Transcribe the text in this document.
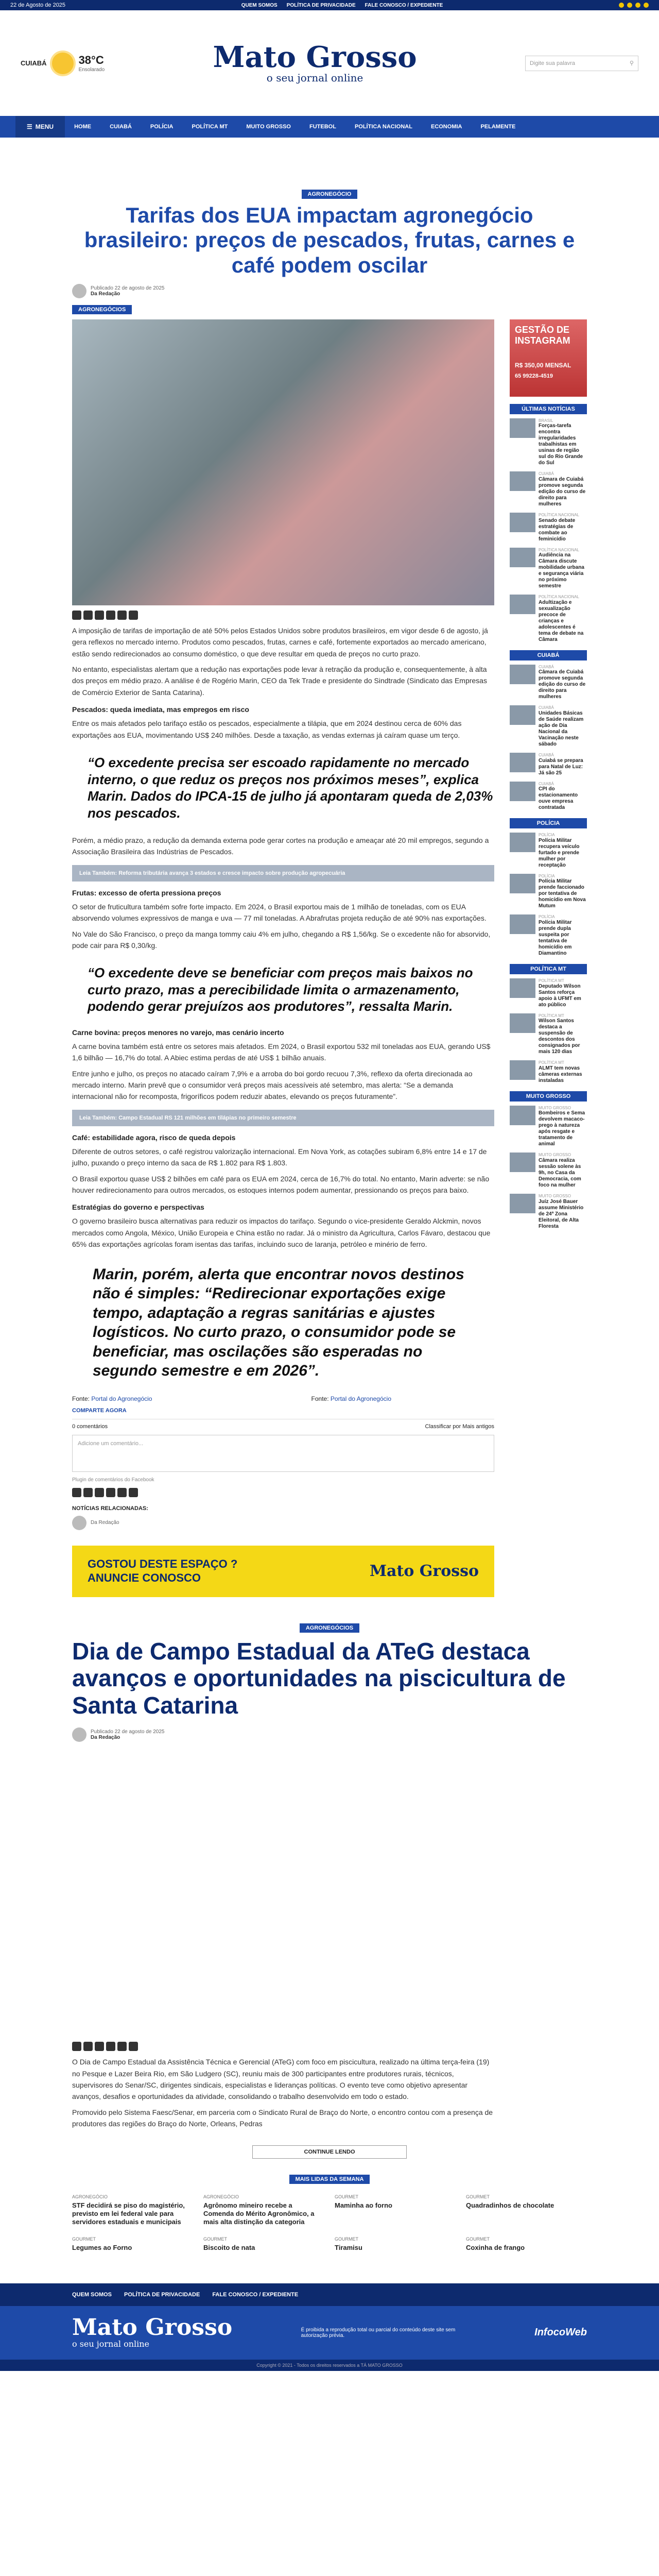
22 de Agosto de 2025	QUEM SOMOS POLÍTICA DE PRIVACIDADE FALE CONOSCO / EXPEDIENTE
CUIABÁ	38°C
Ensolarado	Mato Grosso
o seu jornal online
Digite sua palavra	⚲
☰ MENU	HOME	CUIABÁ	POLÍCIA	POLÍTICA MT	MUITO GROSSO	FUTEBOL	POLÍTICA NACIONAL	ECONOMIA	PELAMENTE
AGRONEGÓCIO
Tarifas dos EUA impactam agronegócio brasileiro: preços de pescados, frutas, carnes e café podem oscilar
Publicado 22 de agosto de 2025
Da Redação
AGRONEGÓCIOS

A imposição de tarifas de importação de até 50% pelos Estados Unidos sobre produtos brasileiros, em vigor desde 6 de agosto, já gera reflexos no mercado interno. Produtos como pescados, frutas, carnes e café, fortemente exportados ao mercado americano, estão sendo redirecionados ao consumo doméstico, o que deve resultar em queda de preços no curto prazo.

No entanto, especialistas alertam que a redução nas exportações pode levar à retração da produção e, consequentemente, à alta dos preços em médio prazo. A análise é de Rogério Marin, CEO da Tek Trade e presidente do Sindtrade (Sindicato das Empresas de Comércio Exterior de Santa Catarina).

Pescados: queda imediata, mas empregos em risco

Entre os mais afetados pelo tarifaço estão os pescados, especialmente a tilápia, que em 2024 destinou cerca de 60% das exportações aos EUA, movimentando US$ 240 milhões. Desde a taxação, as vendas externas já caíram quase um terço.

“O excedente precisa ser escoado rapidamente no mercado interno, o que reduz os preços nos próximos meses”, explica Marin. Dados do IPCA-15 de julho já apontaram queda de 2,03% nos pescados.

Porém, a médio prazo, a redução da demanda externa pode gerar cortes na produção e ameaçar até 20 mil empregos, segundo a Associação Brasileira das Indústrias de Pescados.

Leia Também: Reforma tributária avança 3 estados e cresce impacto sobre produção agropecuária
Frutas: excesso de oferta pressiona preços

O setor de fruticultura também sofre forte impacto. Em 2024, o Brasil exportou mais de 1 milhão de toneladas, com os EUA absorvendo volumes expressivos de manga e uva — 77 mil toneladas. A Abrafrutas projeta redução de até 90% nas exportações.

No Vale do São Francisco, o preço da manga tommy caiu 4% em julho, chegando a R$ 1,56/kg. Se o excedente não for absorvido, pode cair para R$ 0,30/kg.

“O excedente deve se beneficiar com preços mais baixos no curto prazo, mas a perecibilidade limita o armazenamento, podendo gerar prejuízos aos produtores”, ressalta Marin.
Carne bovina: preços menores no varejo, mas cenário incerto

A carne bovina também está entre os setores mais afetados. Em 2024, o Brasil exportou 532 mil toneladas aos EUA, gerando US$ 1,6 bilhão — 16,7% do total. A Abiec estima perdas de até US$ 1 bilhão anuais.

Entre junho e julho, os preços no atacado caíram 7,9% e a arroba do boi gordo recuou 7,3%, reflexo da oferta direcionada ao mercado interno. Marin prevê que o consumidor verá preços mais acessíveis até setembro, mas alerta: “Se a demanda internacional não for recomposta, frigoríficos podem reduzir abates, elevando os preços futuramente”.

Leia Também: Campo Estadual RS 121 milhões em tilápias no primeiro semestre
Café: estabilidade agora, risco de queda depois

Diferente de outros setores, o café registrou valorização internacional. Em Nova York, as cotações subiram 6,8% entre 14 e 17 de julho, puxando o preço interno da saca de R$ 1.802 para R$ 1.803.

O Brasil exportou quase US$ 2 bilhões em café para os EUA em 2024, cerca de 16,7% do total. No entanto, Marin adverte: se não houver redirecionamento para outros mercados, os estoques internos podem aumentar, pressionando os preços para baixo.

Estratégias do governo e perspectivas

O governo brasileiro busca alternativas para reduzir os impactos do tarifaço. Segundo o vice-presidente Geraldo Alckmin, novos mercados como Angola, México, União Europeia e China estão no radar. Já o ministro da Agricultura, Carlos Fávaro, destacou que 65% das exportações agrícolas foram isentas das tarifas, incluindo suco de laranja, petróleo e minério de ferro.

Marin, porém, alerta que encontrar novos destinos não é simples: “Redirecionar exportações exige tempo, adaptação a regras sanitárias e ajustes logísticos. No curto prazo, o consumidor pode se beneficiar, mas oscilações são esperadas no segundo semestre e em 2026”.
Fonte: Portal do Agronegócio	Fonte: Portal do Agronegócio
COMPARTE AGORA
0 comentários	Classificar por Mais antigos
Adicione um comentário...
Plugin de comentários do Facebook
NOTÍCIAS RELACIONADAS:
Da Redação
GOSTOU DESTE ESPAÇO ?
ANUNCIE CONOSCO	Mato Grosso
GESTÃO DE INSTAGRAM
R$ 350,00 MENSAL
65 99228-4519
ÚLTIMAS NOTÍCIAS
BRASIL
Forças-tarefa encontra irregularidades trabalhistas em usinas de região sul do Rio Grande do Sul
CUIABÁ
Câmara de Cuiabá promove segunda edição do curso de direito para mulheres
POLÍTICA NACIONAL
Senado debate estratégias de combate ao feminicídio
POLÍTICA NACIONAL
Audiência na Câmara discute mobilidade urbana e segurança viária no próximo semestre
POLÍTICA NACIONAL
Adultização e sexualização precoce de crianças e adolescentes é tema de debate na Câmara
CUIABÁ
CUIABÁ
Câmara de Cuiabá promove segunda edição do curso de direito para mulheres
CUIABÁ
Unidades Básicas de Saúde realizam ação de Dia Nacional da Vacinação neste sábado
CUIABÁ
Cuiabá se prepara para Natal de Luz: Já são 25
CUIABÁ
CPI do estacionamento ouve empresa contratada
POLÍCIA
POLÍCIA
Polícia Militar recupera veículo furtado e prende mulher por receptação
POLÍCIA
Polícia Militar prende faccionado por tentativa de homicídio em Nova Mutum
POLÍCIA
Polícia Militar prende dupla suspeita por tentativa de homicídio em Diamantino
POLÍTICA MT
POLÍTICA MT
Deputado Wilson Santos reforça apoio à UFMT em ato público
POLÍTICA MT
Wilson Santos destaca a suspensão de descontos dos consignados por mais 120 dias
POLÍTICA MT
ALMT tem novas câmeras externas instaladas
MUITO GROSSO
MUITO GROSSO
Bombeiros e Sema devolvem macaco-prego à natureza após resgate e tratamento de animal
MUITO GROSSO
Câmara realiza sessão solene às 9h, no Casa da Democracia, com foco na mulher
MUITO GROSSO
Juíz José Bauer assume Ministério de 24ª Zona Eleitoral, de Alta Floresta
AGRONEGÓCIOS
Dia de Campo Estadual da ATeG destaca avanços e oportunidades na piscicultura de Santa Catarina
Publicado 22 de agosto de 2025
Da Redação

O Dia de Campo Estadual da Assistência Técnica e Gerencial (ATeG) com foco em piscicultura, realizado na última terça-feira (19) no Pesque e Lazer Beira Rio, em São Ludgero (SC), reuniu mais de 300 participantes entre produtores rurais, técnicos, supervisores do Senar/SC, dirigentes sindicais, especialistas e lideranças políticas. O evento teve como objetivo apresentar avanços, desafios e oportunidades da atividade, consolidando o trabalho desenvolvido em todo o estado.

Promovido pelo Sistema Faesc/Senar, em parceria com o Sindicato Rural de Braço do Norte, o encontro contou com a presença de produtores das regiões do Braço do Norte, Orleans, Pedras

CONTINUE LENDO
MAIS LIDAS DA SEMANA
AGRONEGÓCIO
STF decidirá se piso do magistério, previsto em lei federal vale para servidores estaduais e municipais
AGRONEGÓCIO
Agrônomo mineiro recebe a Comenda do Mérito Agronômico, a mais alta distinção da categoria
GOURMET
Maminha ao forno
GOURMET
Quadradinhos de chocolate
GOURMET
Legumes ao Forno
GOURMET
Biscoito de nata
GOURMET
Tiramisu
GOURMET
Coxinha de frango
QUEM SOMOS POLÍTICA DE PRIVACIDADE FALE CONOSCO / EXPEDIENTE
Mato Grosso
o seu jornal online
É proibida a reprodução total ou parcial do conteúdo deste site sem autorização prévia.	InfocoWeb
Copyright © 2021 - Todos os direitos reservados a TÁ MATO GROSSO
